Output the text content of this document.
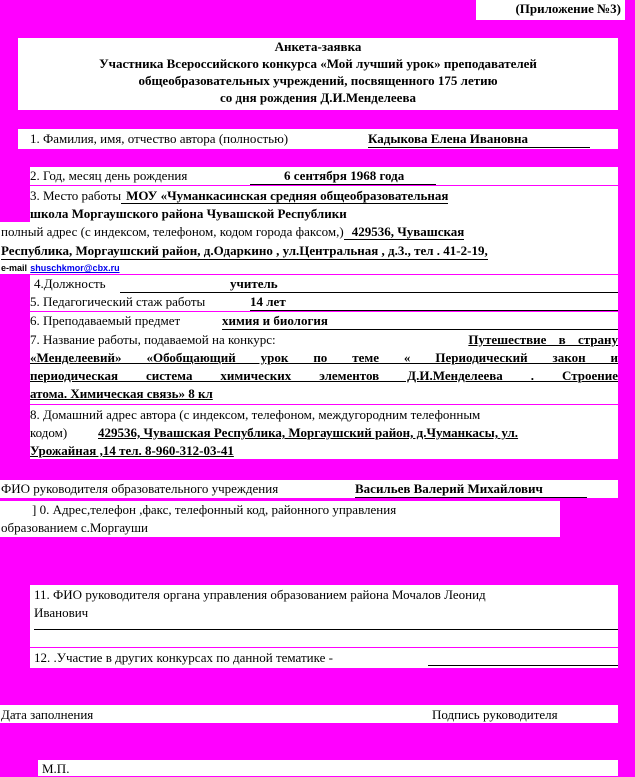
(Приложение №3)
Анкета-заявка
Участника Всероссийского конкурса «Мой лучший урок» преподавателей
общеобразовательных учреждений, посвященного 175 летию
со дня рождения Д.И.Менделеева
1. Фамилия, имя, отчество автора (полностью)	Кадыкова Елена Ивановна
2. Год, месяц день рождения	6 сентября 1968 года
3. Место работы МОУ «Чуманкасинская средняя общеобразовательная
школа Моргаушского района Чувашской Республики
полный адрес (с индексом, телефоном, кодом города факсом,) 429536, Чувашская
Республика, Моргаушский район, д.Одаркино , ул.Центральная , д.3., тел . 41-2-19,
e-mail shuschkmor@cbx.ru
4.Должность	учитель
5. Педагогический стаж работы	14 лет
6. Преподаваемый предмет	химия и биология
7. Название работы, подаваемой на конкурс:	Путешествие в страну
«Менделеевий» «Обобщающий урок по теме « Периодический закон и
периодическая система химических элементов Д.И.Менделеева . Строение
атома. Химическая связь» 8 кл
8. Домашний адрес автора (с индексом, телефоном, междугородним телефонным
кодом) 429536, Чувашская Республика, Моргаушский район, д.Чуманкасы, ул.
Урожайная ,14 тел. 8-960-312-03-41
ФИО руководителя образовательного учреждения	Васильев Валерий Михайлович
] 0. Адрес,телефон ,факс, телефонный код, районного управления
образованием с.Моргауши
11. ФИО руководителя органа управления образованием района Мочалов Леонид
Иванович
12. .Участие в других конкурсах по данной тематике -
Дата заполнения	Подпись руководителя
М.П.
